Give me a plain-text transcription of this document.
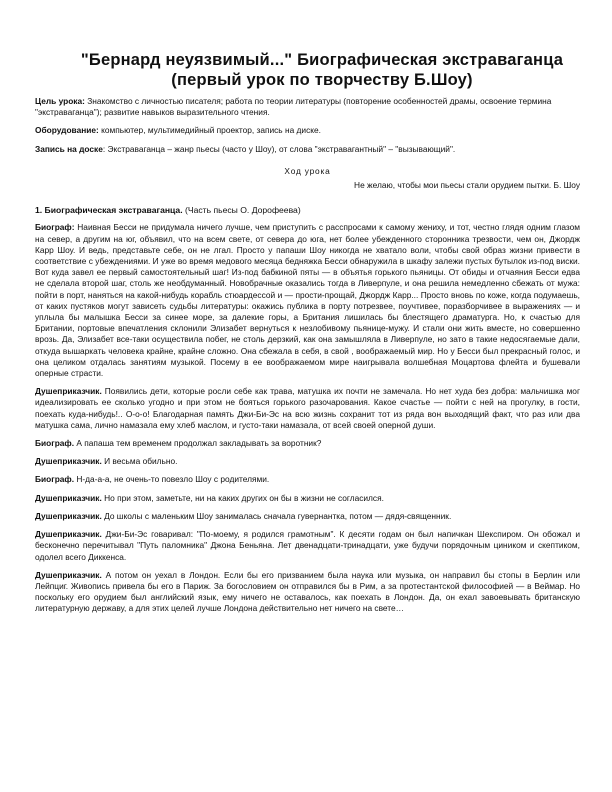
"Бернард неуязвимый..." Биографическая экстраваганца (первый урок по творчеству Б.Шоу)

Цель урока: Знакомство с личностью писателя; работа по теории литературы (повторение особенностей драмы, освоение термина "экстраваганца"); развитие навыков выразительного чтения.

Оборудование: компьютер, мультимедийный проектор, запись на диске.

Запись на доске: Экстраваганца – жанр пьесы (часто у Шоу), от слова "экстравагантный" – "вызывающий".

Ход урока

Не желаю, чтобы мои пьесы стали орудием пытки. Б. Шоу

1. Биографическая экстраваганца. (Часть пьесы О. Дорофеева)

Биограф: Наивная Бесси не придумала ничего лучше, чем приступить с расспросами к самому жениху, и тот, честно глядя одним глазом на север, а другим на юг, объявил, что на всем свете, от севера до юга, нет более убежденного сторонника трезвости, чем он, Джордж Карр Шоу. И ведь, представьте себе, он не лгал. Просто у папаши Шоу никогда не хватало воли, чтобы свой образ жизни привести в соответствие с убеждениями. И уже во время медового месяца бедняжка Бесси обнаружила в шкафу залежи пустых бутылок из-под виски. Вот куда завел ее первый самостоятельный шаг! Из-под бабкиной пяты — в объятья горького пьяницы. От обиды и отчаяния Бесси едва не сделала второй шаг, столь же необдуманный. Новобрачные оказались тогда в Ливерпуле, и она решила немедленно сбежать от мужа: пойти в порт, наняться на какой-нибудь корабль стюардессой и — прости-прощай, Джордж Карр... Просто вновь по коже, когда подумаешь, от каких пустяков могут зависеть судьбы литературы: окажись публика в порту потрезвее, поучтивее, поразборчивее в выражениях — и уплыла бы малышка Бесси за синее море, за далекие горы, а Британия лишилась бы блестящего драматурга. Но, к счастью для Британии, портовые впечатления склонили Элизабет вернуться к незлобивому пьянице-мужу. И стали они жить вместе, но совершенно врозь. Да, Элизабет все-таки осуществила побег, не столь дерзкий, как она замышляла в Ливерпуле, но зато в такие недосягаемые дали, откуда вышаркать человека крайне, крайне сложно. Она сбежала в себя, в свой , воображаемый мир. Но у Бесси был прекрасный голос, и она целиком отдалась занятиям музыкой. Посему в ее воображаемом мире наигрывала волшебная Моцартова флейта и бушевали оперные страсти.

Душеприказчик. Появились дети, которые росли себе как трава, матушка их почти не замечала. Но нет худа без добра: мальчишка мог идеализировать ее сколько угодно и при этом не бояться горького разочарования. Какое счастье — пойти с ней на прогулку, в гости, поехать куда-нибудь!.. О-о-о! Благодарная память Джи-Би-Эс на всю жизнь сохранит тот из ряда вон выходящий факт, что раз или два матушка сама, лично намазала ему хлеб маслом, и густо-таки намазала, от всей своей оперной души.

Биограф. А папаша тем временем продолжал закладывать за воротник?

Душеприказчик. И весьма обильно.

Биограф. Н-да-а-а, не очень-то повезло Шоу с родителями.

Душеприказчик. Но при этом, заметьте, ни на каких других он бы в жизни не согласился.

Душеприказчик. До школы с маленьким Шоу занималась сначала гувернантка, потом — дядя-священник.

Душеприказчик. Джи-Би-Эс говаривал: "По-моему, я родился грамотным". К десяти годам он был напичкан Шекспиром. Он обожал и бесконечно перечитывал "Путь паломника" Джона Беньяна. Лет двенадцати-тринадцати, уже будучи порядочным циником и скептиком, одолел всего Диккенса.

Душеприказчик. А потом он уехал в Лондон. Если бы его призванием была наука или музыка, он направил бы стопы в Берлин или Лейпциг. Живопись привела бы его в Париж. За богословием он отправился бы в Рим, а за протестантской философией — в Веймар. Но поскольку его орудием был английский язык, ему ничего не оставалось, как поехать в Лондон. Да, он ехал завоевывать британскую литературную державу, а для этих целей лучше Лондона действительно нет ничего на свете…
